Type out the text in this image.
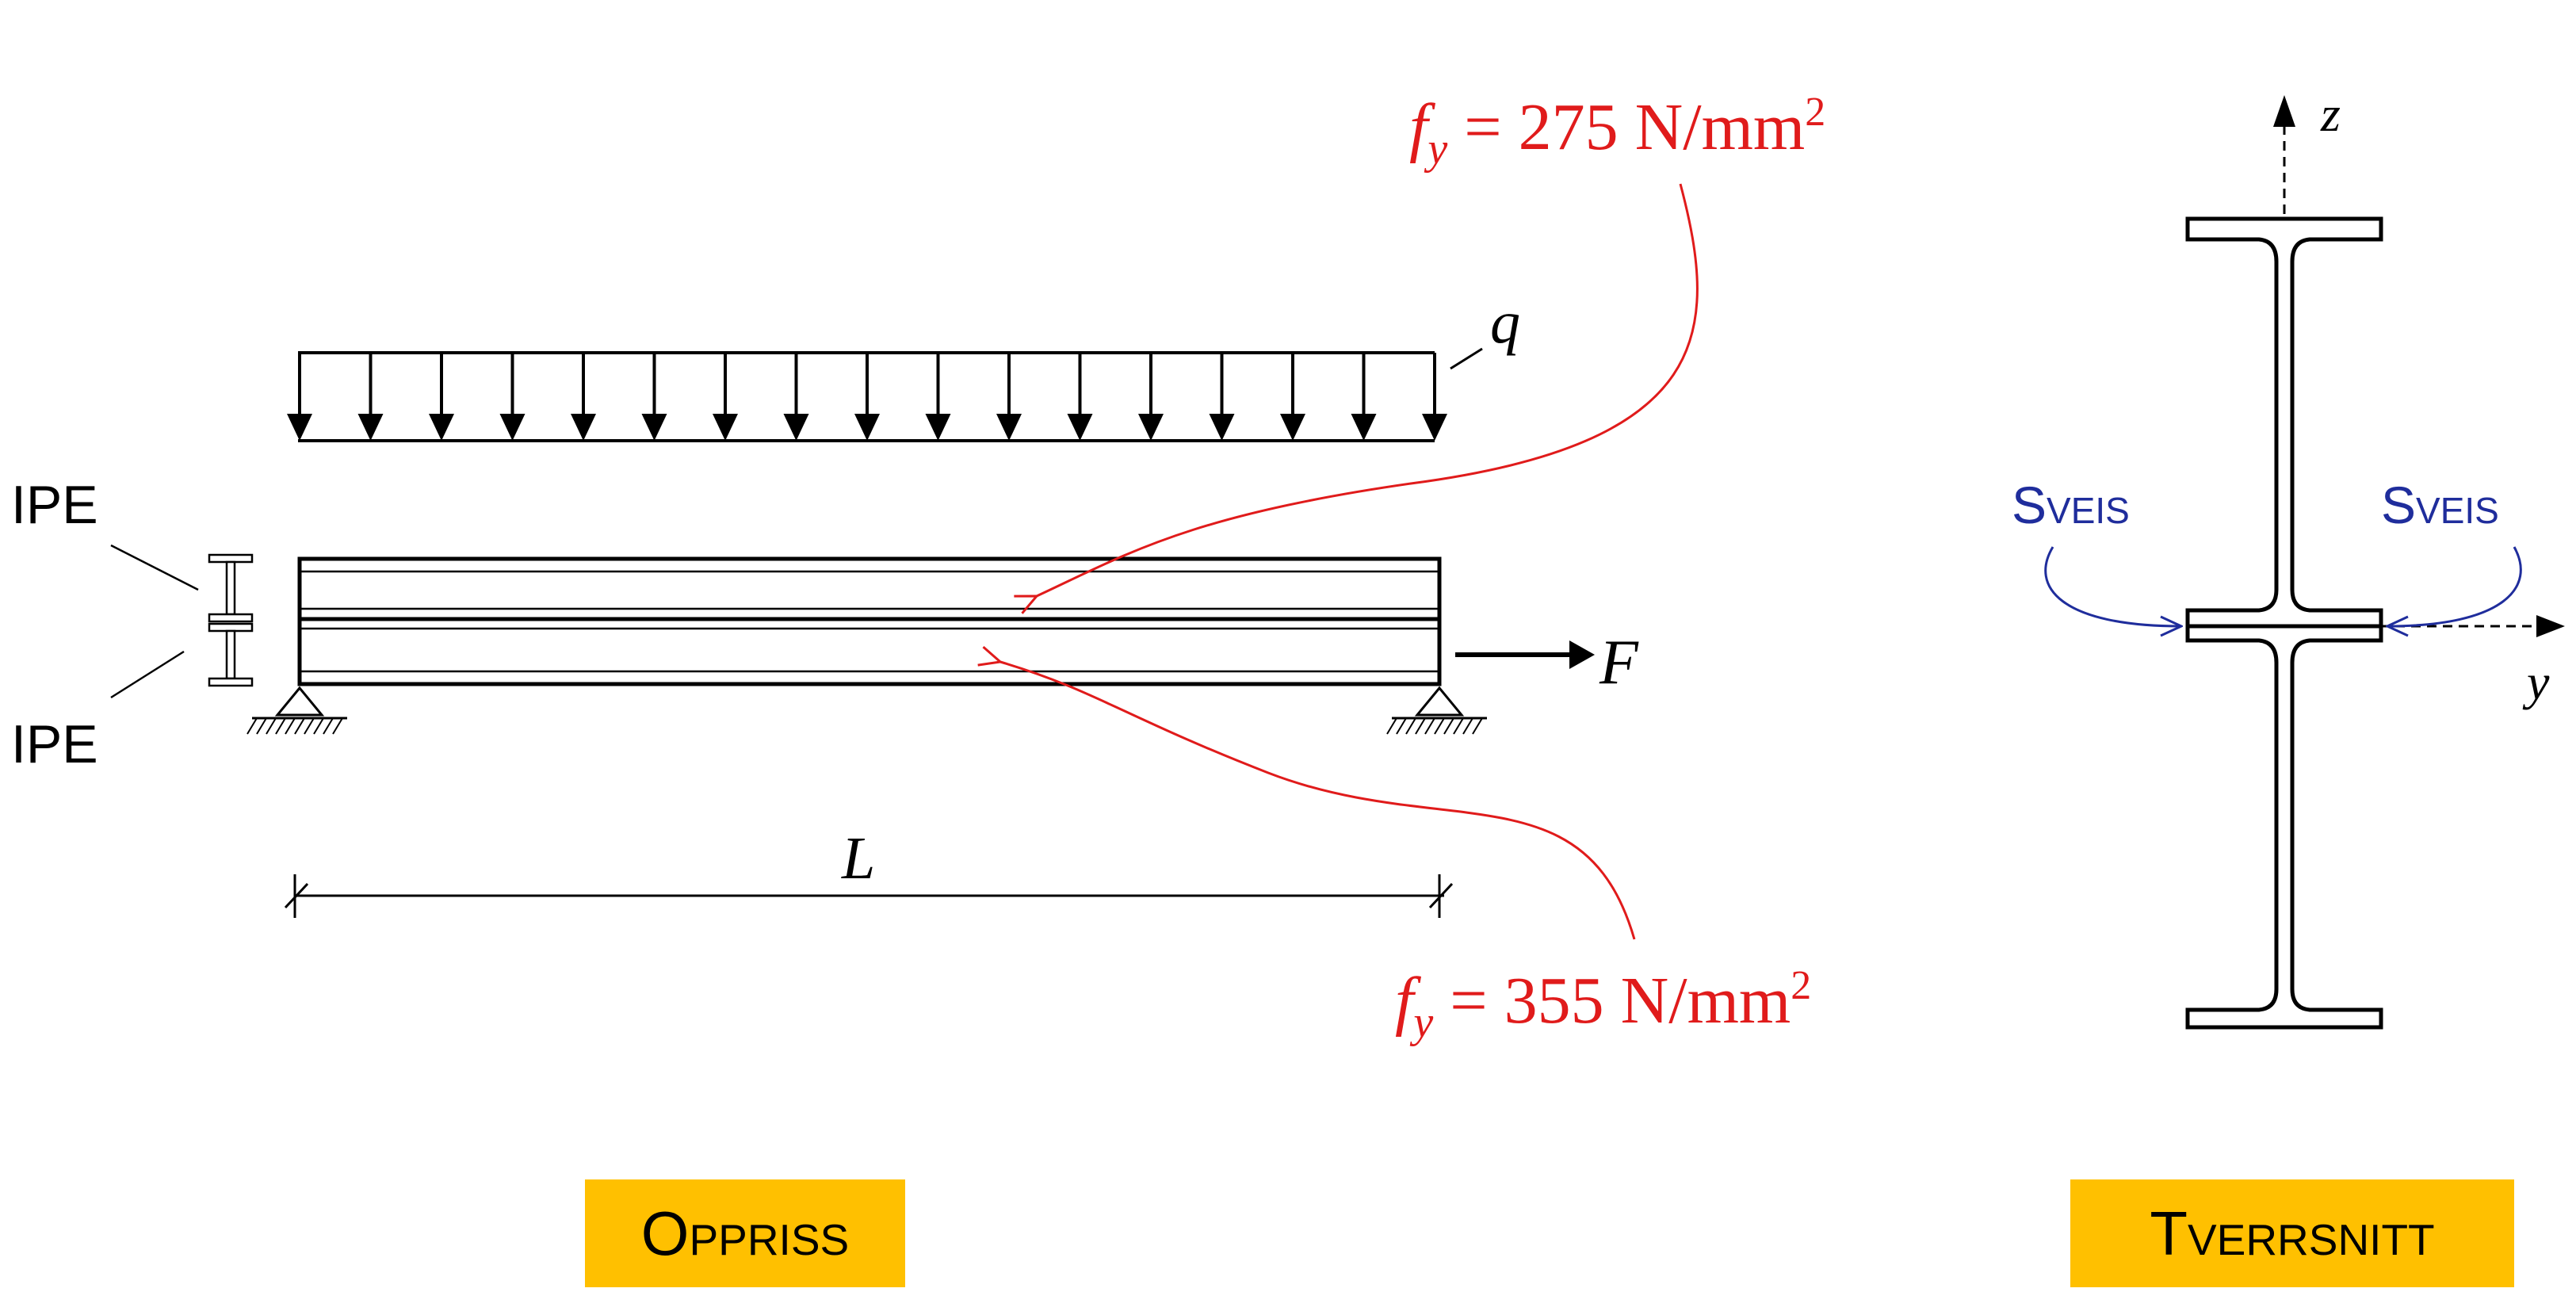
q
F
L
IPE
IPE
$f_y = 275$ $N/mm^2$
$f_y = 355$ $N/mm^2$
z
y
Sveis	Sveis
Oppriss	Tverrsnitt
